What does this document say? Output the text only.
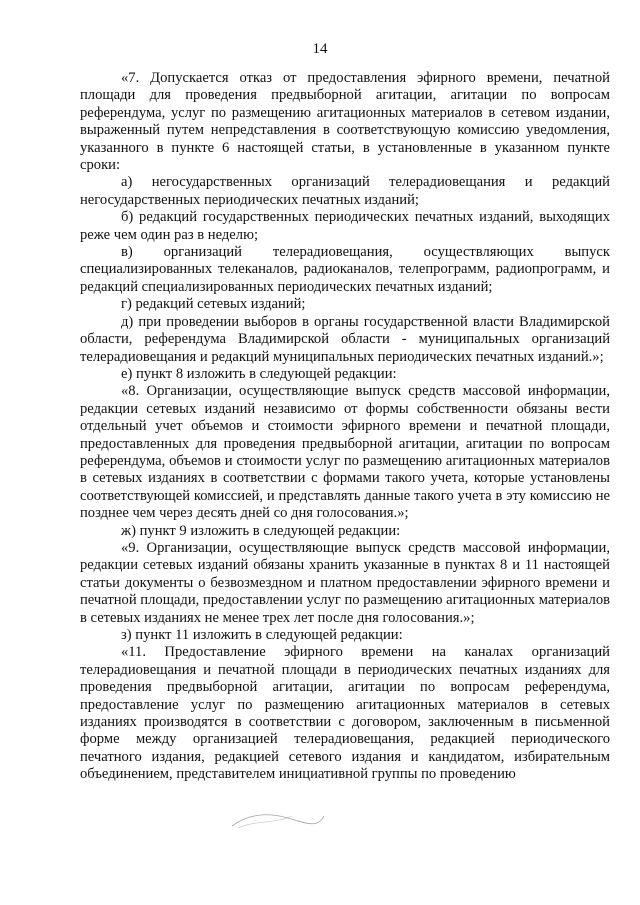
14

«7. Допускается отказ от предоставления эфирного времени, печатной площади для проведения предвыборной агитации, агитации по вопросам референдума, услуг по размещению агитационных материалов в сетевом издании, выраженный путем непредставления в соответствующую комиссию уведомления, указанного в пункте 6 настоящей статьи, в установленные в указанном пункте сроки:

а) негосударственных организаций телерадиовещания и редакций негосударственных периодических печатных изданий;

б) редакций государственных периодических печатных изданий, выходящих реже чем один раз в неделю;

в) организаций телерадиовещания, осуществляющих выпуск специализированных телеканалов, радиоканалов, телепрограмм, радиопрограмм, и редакций специализированных периодических печатных изданий;

г) редакций сетевых изданий;

д) при проведении выборов в органы государственной власти Владимирской области, референдума Владимирской области - муниципальных организаций телерадиовещания и редакций муниципальных периодических печатных изданий.»;

е) пункт 8 изложить в следующей редакции:

«8. Организации, осуществляющие выпуск средств массовой информации, редакции сетевых изданий независимо от формы собственности обязаны вести отдельный учет объемов и стоимости эфирного времени и печатной площади, предоставленных для проведения предвыборной агитации, агитации по вопросам референдума, объемов и стоимости услуг по размещению агитационных материалов в сетевых изданиях в соответствии с формами такого учета, которые установлены соответствующей комиссией, и представлять данные такого учета в эту комиссию не позднее чем через десять дней со дня голосования.»;

ж) пункт 9 изложить в следующей редакции:

«9. Организации, осуществляющие выпуск средств массовой информации, редакции сетевых изданий обязаны хранить указанные в пунктах 8 и 11 настоящей статьи документы о безвозмездном и платном предоставлении эфирного времени и печатной площади, предоставлении услуг по размещению агитационных материалов в сетевых изданиях не менее трех лет после дня голосования.»;

з) пункт 11 изложить в следующей редакции:

«11. Предоставление эфирного времени на каналах организаций телерадиовещания и печатной площади в периодических печатных изданиях для проведения предвыборной агитации, агитации по вопросам референдума, предоставление услуг по размещению агитационных материалов в сетевых изданиях производятся в соответствии с договором, заключенным в письменной форме между организацией телерадиовещания, редакцией периодического печатного издания, редакцией сетевого издания и кандидатом, избирательным объединением, представителем инициативной группы по проведению
